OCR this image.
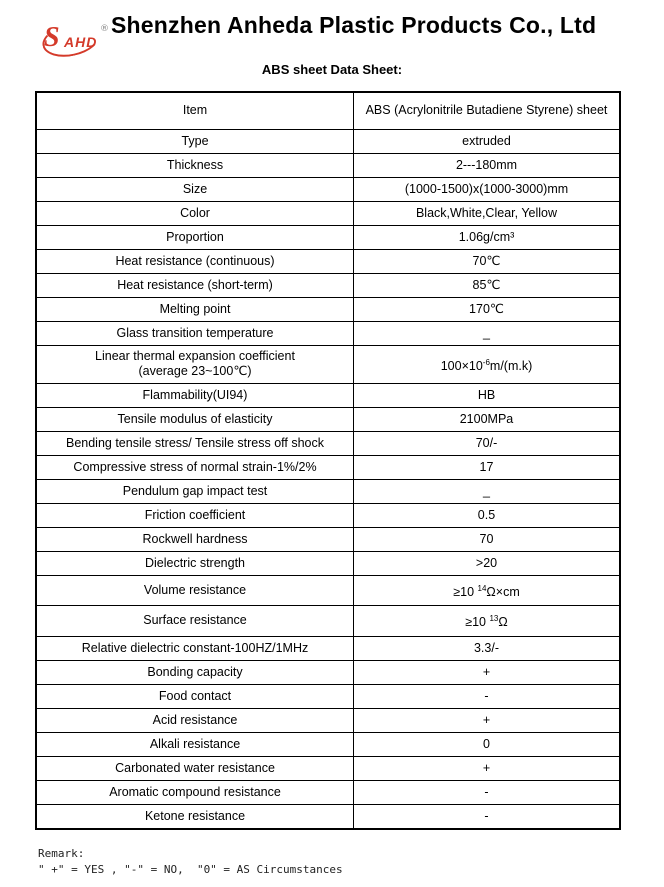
S AHD
® Shenzhen Anheda Plastic Products Co., Ltd
ABS sheet Data Sheet:
Item	ABS (Acrylonitrile Butadiene Styrene) sheet
Type	extruded
Thickness	2---180mm
Size	(1000-1500)x(1000-3000)mm
Color	Black,White,Clear, Yellow
Proportion	1.06g/cm³
Heat resistance (continuous)	70℃
Heat resistance (short-term)	85℃
Melting point	170℃
Glass transition temperature	_

Linear thermal expansion coefficient
(average 23~100℃)	$100\times 10^{-6}m/(m.k)$
Flammability(UI94)	HB
Tensile modulus of elasticity	2100MPa
Bending tensile stress/ Tensile stress off shock	70/-
Compressive stress of normal strain-1%/2%	17
Pendulum gap impact test	_
Friction coefficient	0.5
Rockwell hardness	70
Dielectric strength	>20
Volume resistance	≥10 $^{14}$Ω×cm
Surface resistance	≥10 $^{13}$Ω
Relative dielectric constant-100HZ/1MHz	3.3/-
Bonding capacity	+
Food contact	-
Acid resistance	+
Alkali resistance	0
Carbonated water resistance	+
Aromatic compound resistance	-
Ketone resistance	-
Remark:
" +" = YES , "-" = NO,  "0" = AS Circumstances
